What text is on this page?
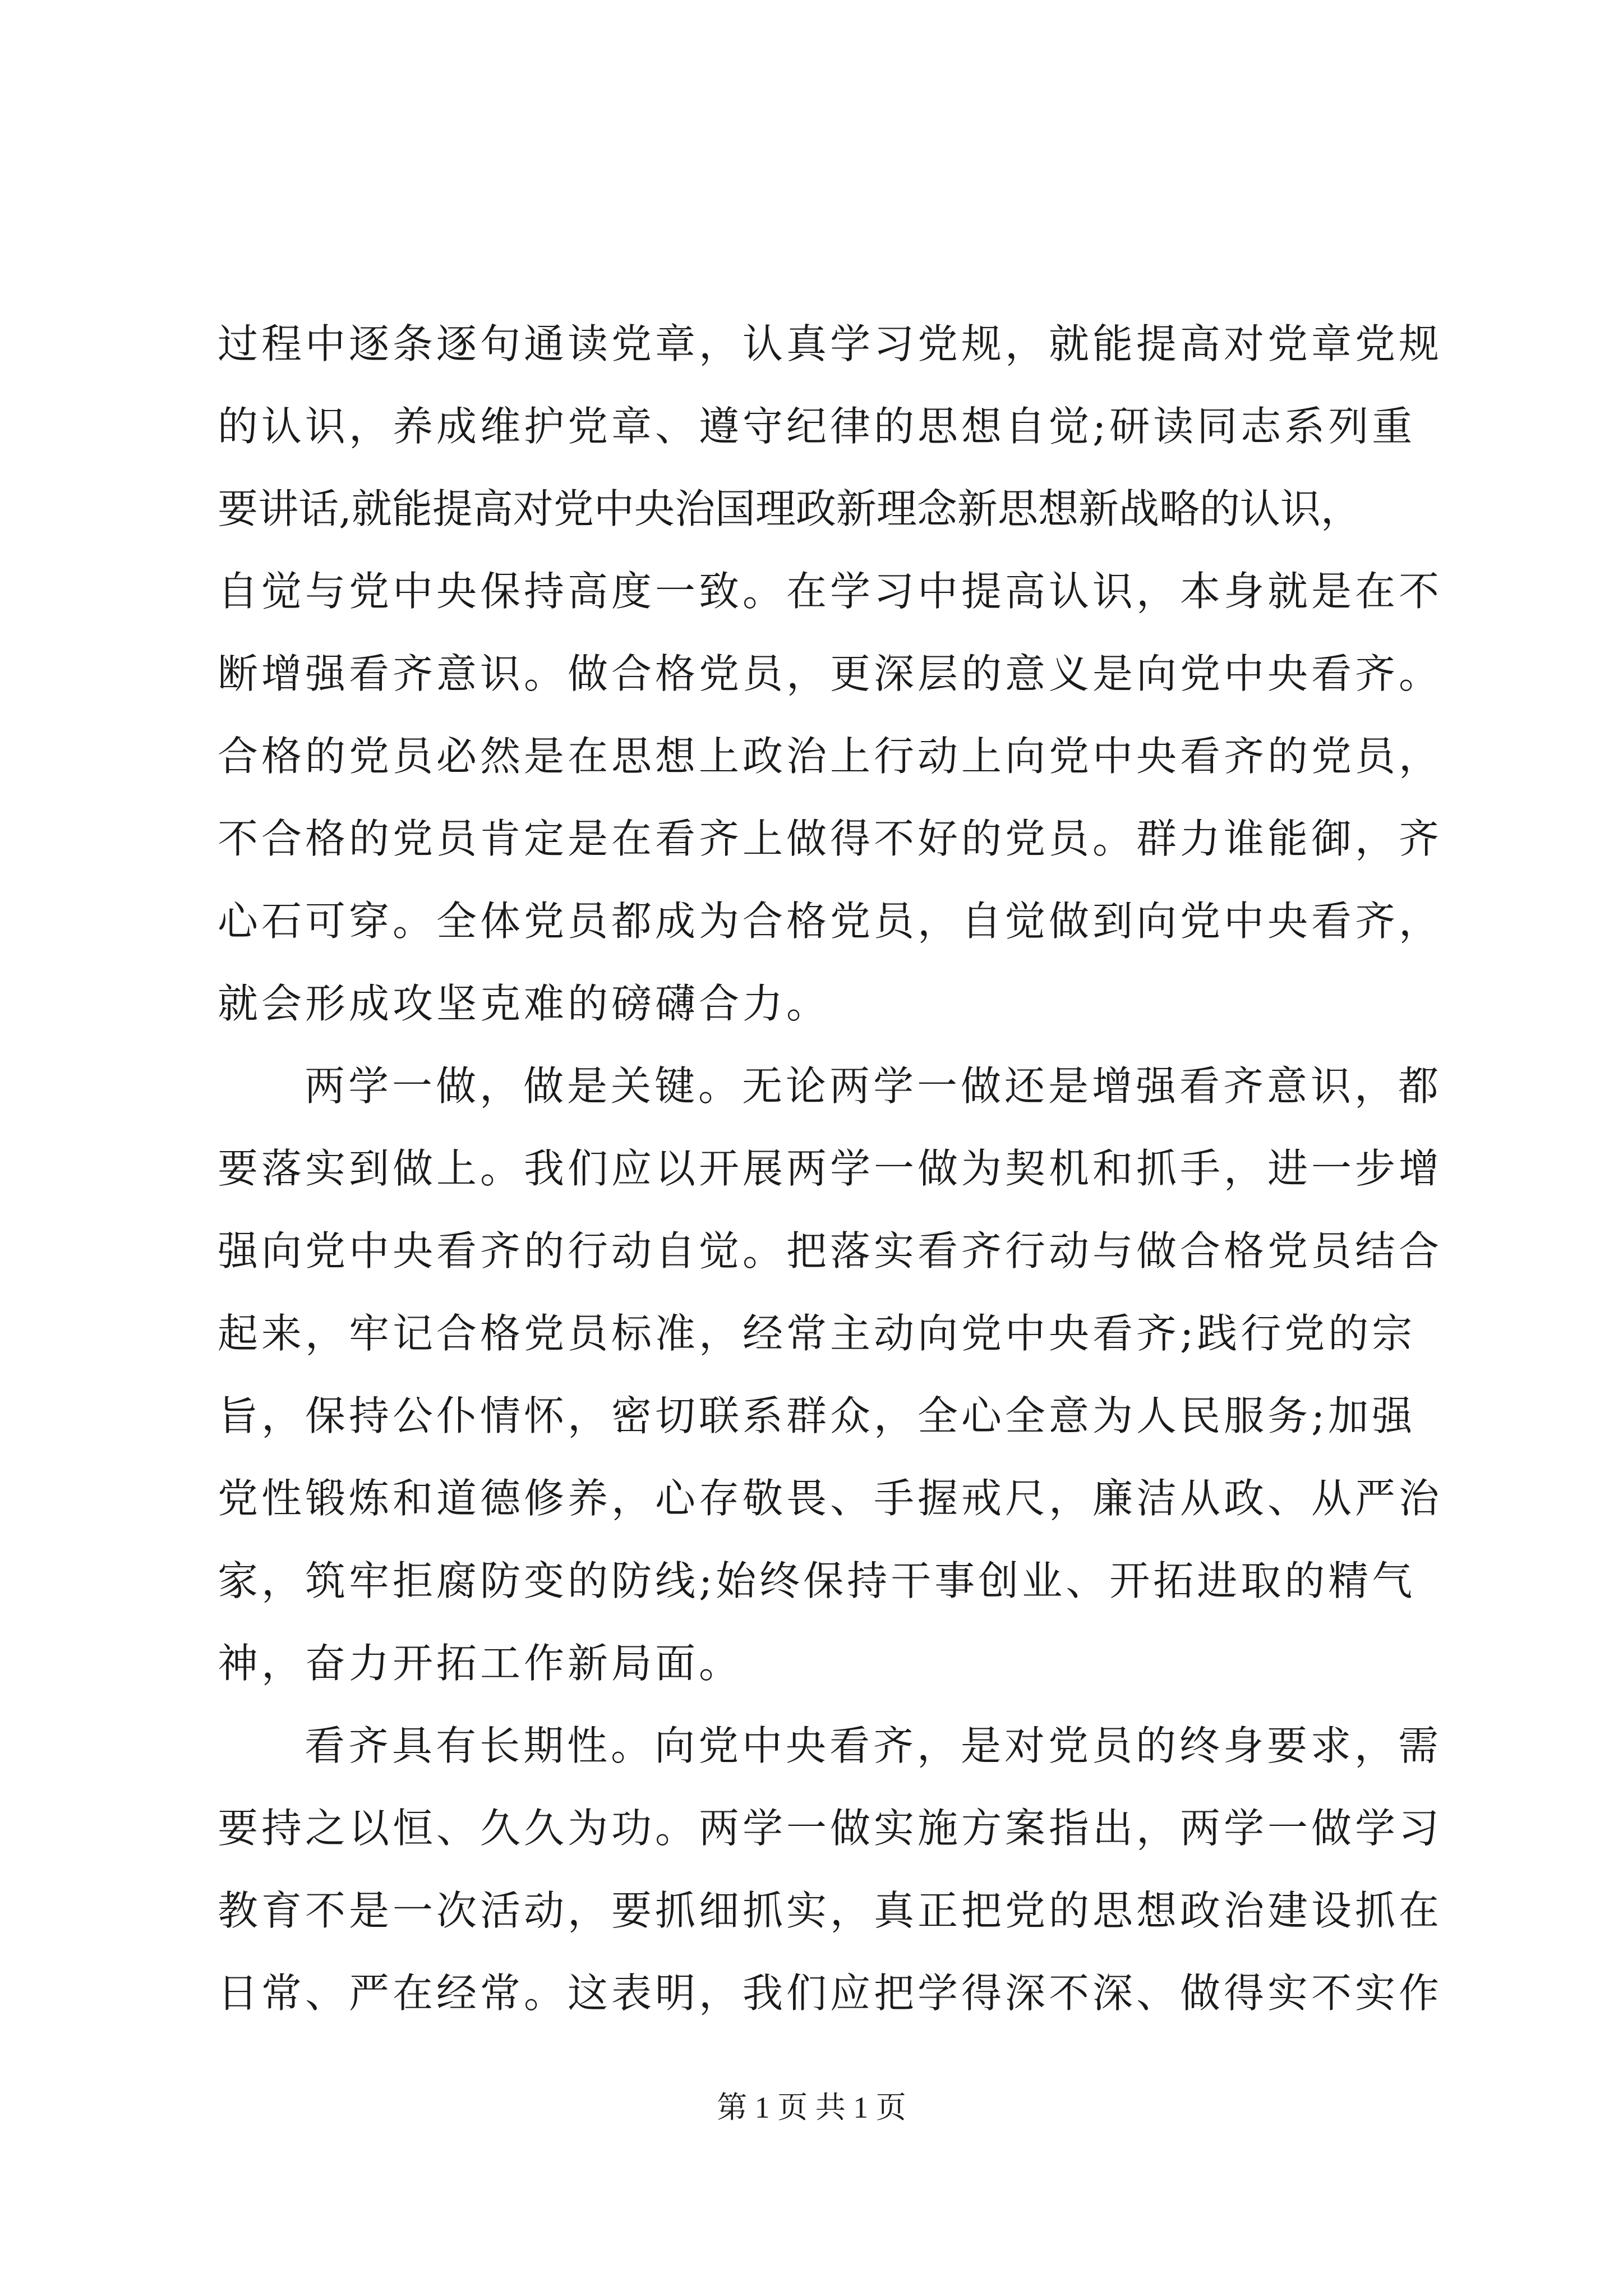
过程中逐条逐句通读党章，认真学习党规，就能提高对党章党规
的认识，养成维护党章、遵守纪律的思想自觉;研读同志系列重
要讲话,就能提高对党中央治国理政新理念新思想新战略的认识，
自觉与党中央保持高度一致。在学习中提高认识，本身就是在不
断增强看齐意识。做合格党员，更深层的意义是向党中央看齐。
合格的党员必然是在思想上政治上行动上向党中央看齐的党员，
不合格的党员肯定是在看齐上做得不好的党员。群力谁能御，齐
心石可穿。全体党员都成为合格党员，自觉做到向党中央看齐，
就会形成攻坚克难的磅礴合力。
两学一做，做是关键。无论两学一做还是增强看齐意识，都
要落实到做上。我们应以开展两学一做为契机和抓手，进一步增
强向党中央看齐的行动自觉。把落实看齐行动与做合格党员结合
起来，牢记合格党员标准，经常主动向党中央看齐;践行党的宗
旨，保持公仆情怀，密切联系群众，全心全意为人民服务;加强
党性锻炼和道德修养，心存敬畏、手握戒尺，廉洁从政、从严治
家，筑牢拒腐防变的防线;始终保持干事创业、开拓进取的精气
神，奋力开拓工作新局面。
看齐具有长期性。向党中央看齐，是对党员的终身要求，需
要持之以恒、久久为功。两学一做实施方案指出，两学一做学习
教育不是一次活动，要抓细抓实，真正把党的思想政治建设抓在
日常、严在经常。这表明，我们应把学得深不深、做得实不实作
第 1 页 共 1 页
